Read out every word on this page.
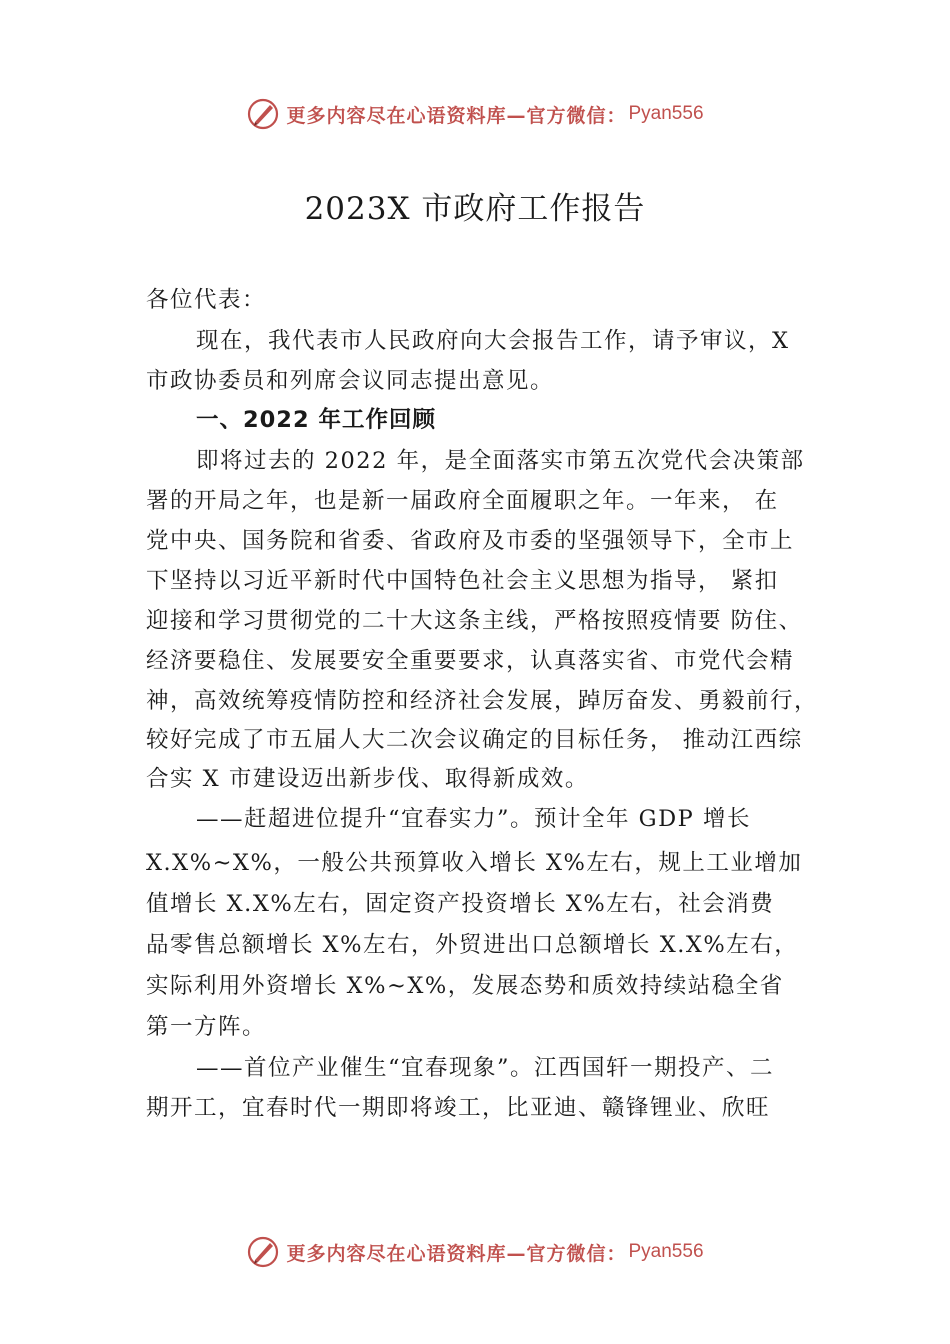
更多内容尽在心语资料库—官方微信： Pyan556
2023X 市政府工作报告
各位代表：
现在，我代表市人民政府向大会报告工作，请予审议，X
市政协委员和列席会议同志提出意见。
一、2022 年工作回顾
即将过去的 2022 年，是全面落实市第五次党代会决策部
署的开局之年，也是新一届政府全面履职之年。一年来， 在
党中央、国务院和省委、省政府及市委的坚强领导下，全市上
下坚持以习近平新时代中国特色社会主义思想为指导， 紧扣
迎接和学习贯彻党的二十大这条主线，严格按照疫情要 防住、
经济要稳住、发展要安全重要要求，认真落实省、市党代会精
神，高效统筹疫情防控和经济社会发展，踔厉奋发、勇毅前行，
较好完成了市五届人大二次会议确定的目标任务， 推动江西综
合实 X 市建设迈出新步伐、取得新成效。
——赶超进位提升“宜春实力”。预计全年 GDP 增长
X.X%~X%，一般公共预算收入增长 X%左右，规上工业增加
值增长 X.X%左右，固定资产投资增长 X%左右，社会消费
品零售总额增长 X%左右，外贸进出口总额增长 X.X%左右，
实际利用外资增长 X%~X%，发展态势和质效持续站稳全省
第一方阵。
——首位产业催生“宜春现象”。江西国轩一期投产、二
期开工，宜春时代一期即将竣工，比亚迪、赣锋锂业、欣旺
更多内容尽在心语资料库—官方微信： Pyan556
